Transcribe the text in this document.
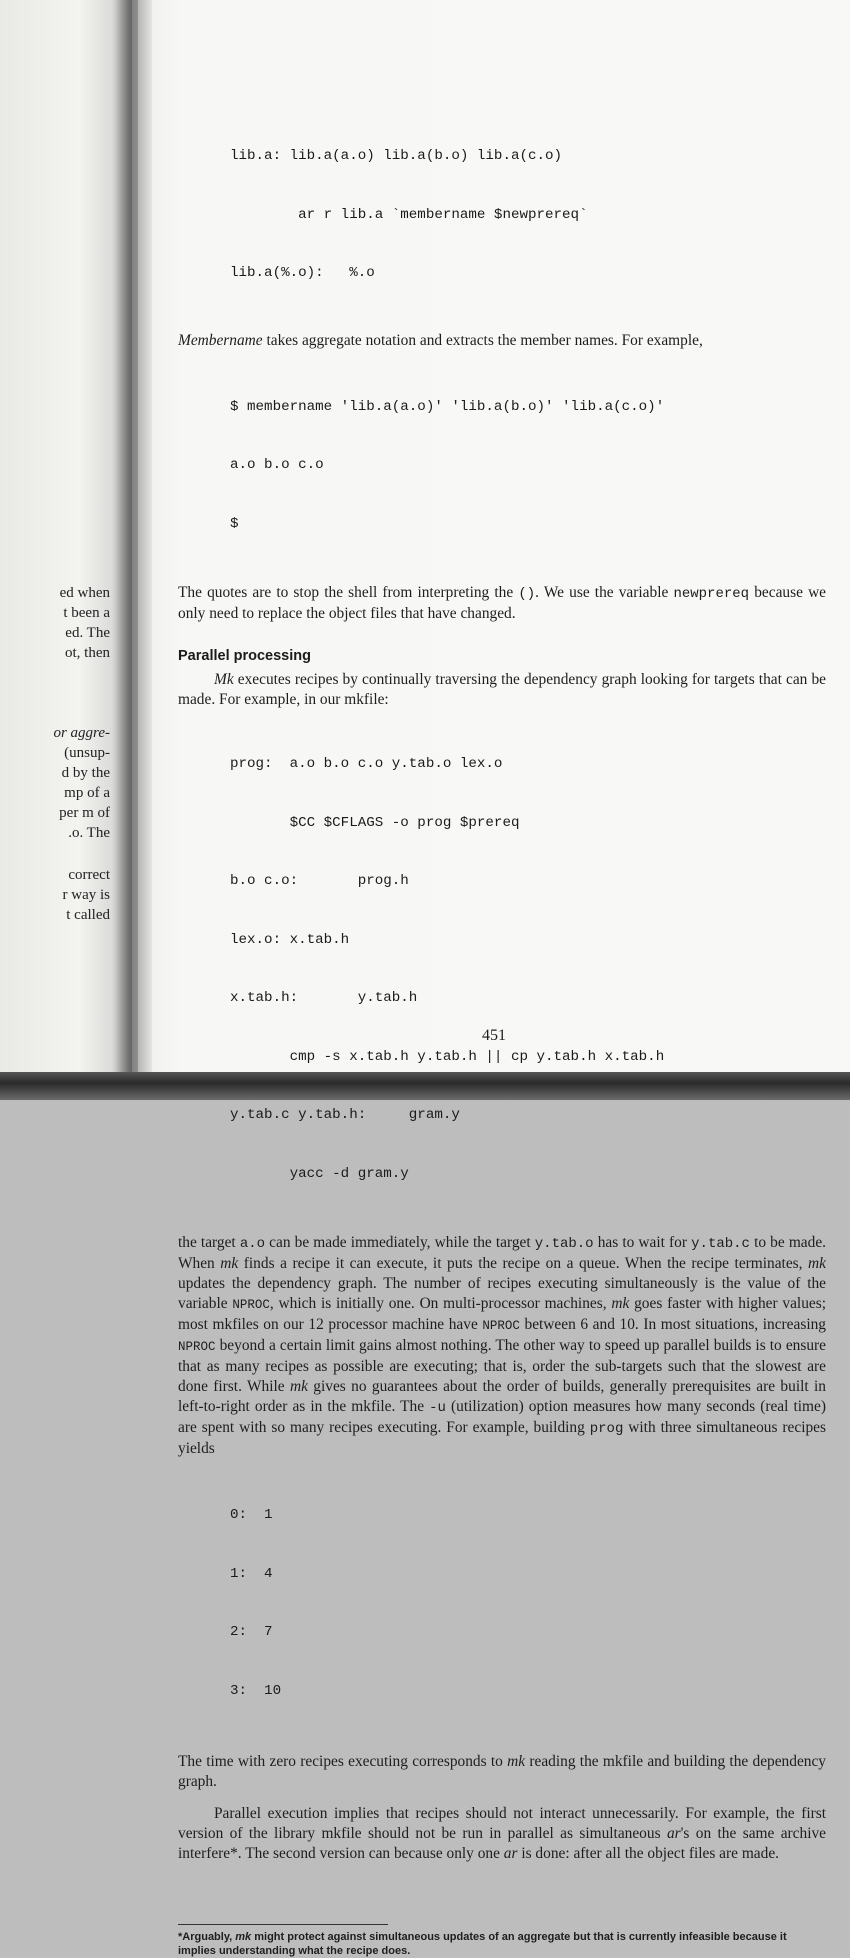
ed when
t been a
ed. The
ot, then
or aggre-
(unsup-
d by the
mp of a
per m of
.o. The
correct
r way is
t called

lib.a: lib.a(a.o) lib.a(b.o) lib.a(c.o)

ar r lib.a `membername $newprereq`

lib.a(%.o):   %.o

Membername takes aggregate notation and extracts the member names. For example,

$ membername 'lib.a(a.o)' 'lib.a(b.o)' 'lib.a(c.o)'

a.o b.o c.o

$

The quotes are to stop the shell from interpreting the (). We use the variable newprereq because we only need to replace the object files that have changed.

Parallel processing

Mk executes recipes by continually traversing the dependency graph looking for targets that can be made. For example, in our mkfile:

prog:  a.o b.o c.o y.tab.o lex.o

$CC $CFLAGS -o prog $prereq

b.o c.o:       prog.h

lex.o: x.tab.h

x.tab.h:       y.tab.h

cmp -s x.tab.h y.tab.h || cp y.tab.h x.tab.h

y.tab.c y.tab.h:     gram.y

yacc -d gram.y

the target a.o can be made immediately, while the target y.tab.o has to wait for y.tab.c to be made. When mk finds a recipe it can execute, it puts the recipe on a queue. When the recipe terminates, mk updates the dependency graph. The number of recipes executing simultaneously is the value of the variable NPROC, which is initially one. On multi-processor machines, mk goes faster with higher values; most mkfiles on our 12 processor machine have NPROC between 6 and 10. In most situations, increasing NPROC beyond a certain limit gains almost nothing. The other way to speed up parallel builds is to ensure that as many recipes as possible are executing; that is, order the sub-targets such that the slowest are done first. While mk gives no guarantees about the order of builds, generally prerequisites are built in left-to-right order as in the mkfile. The -u (utilization) option measures how many seconds (real time) are spent with so many recipes executing. For example, building prog with three simultaneous recipes yields

0:  1

1:  4

2:  7

3:  10

The time with zero recipes executing corresponds to mk reading the mkfile and building the dependency graph.

Parallel execution implies that recipes should not interact unnecessarily. For example, the first version of the library mkfile should not be run in parallel as simultaneous ar's on the same archive interfere*. The second version can because only one ar is done: after all the object files are made.

*Arguably, mk might protect against simultaneous updates of an aggregate but that is currently infeasible because it implies understanding what the recipe does.
451
